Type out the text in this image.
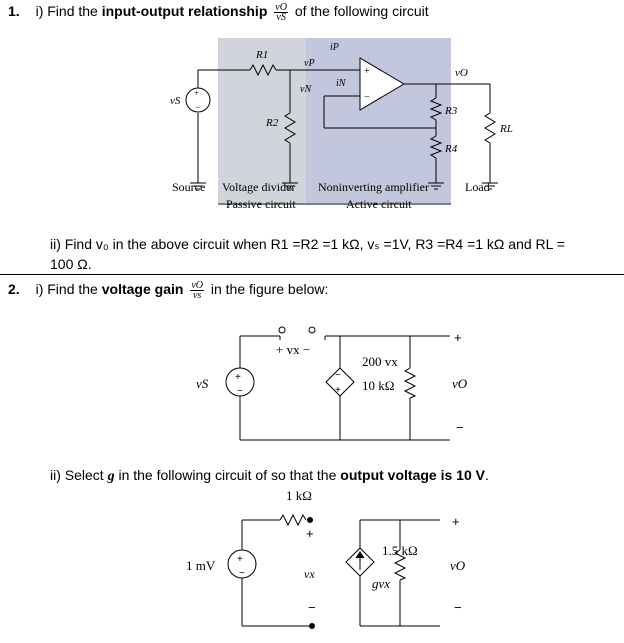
1. i) Find the input-output relationship $\frac{vO}{vS}$ of the following circuit
+
−
vS
R1
R2
vP
vN
iP
iN
+
−
vO
R3
R4
RL
Source Voltage divider
Passive circuit
Noninverting amplifier
Active circuit
Load
ii) Find v₀ in the above circuit when R1 =R2 =1 kΩ, vₛ =1V, R3 =R4 =1 kΩ and RL =
100 Ω.
2. i) Find the voltage gain $\frac{vO}{vs}$ in the figure below:
+
−
−
+
vS
+ vx −
200 vx
10 kΩ
+
vO
−
ii) Select g in the following circuit of so that the output voltage is 10 V.
+
−
1 kΩ
1 mV
+
vx
−
1.5 kΩ
gvx
+
vO
−
